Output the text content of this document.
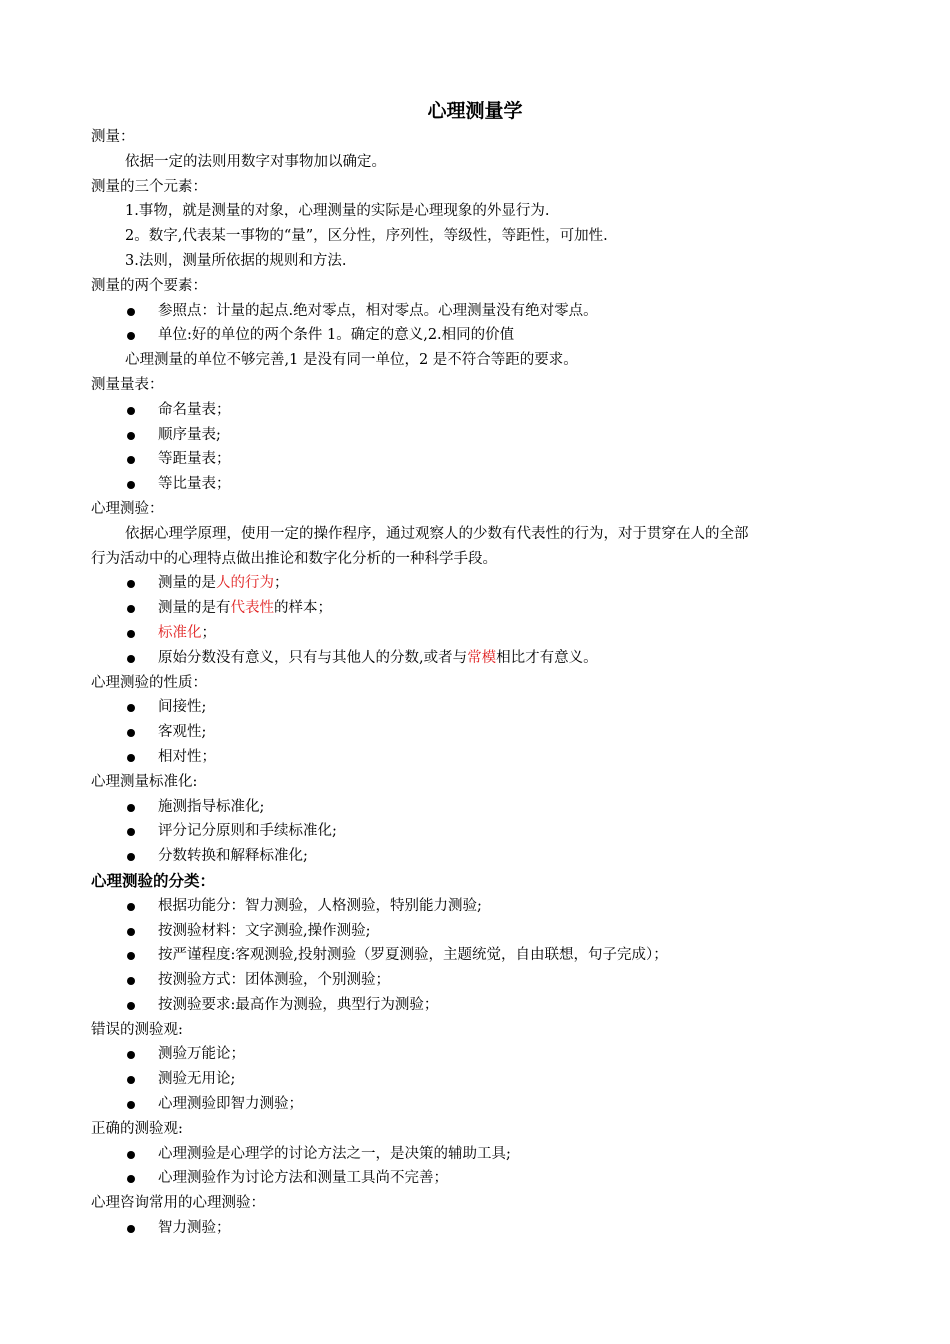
心理测量学
测量：
依据一定的法则用数字对事物加以确定。
测量的三个元素：
1.事物，就是测量的对象，心理测量的实际是心理现象的外显行为.
2。数字,代表某一事物的“量”，区分性，序列性，等级性，等距性，可加性.
3.法则，测量所依据的规则和方法.
测量的两个要素：
参照点：计量的起点.绝对零点，相对零点。心理测量没有绝对零点。
单位:好的单位的两个条件 1。确定的意义,2.相同的价值
心理测量的单位不够完善,1 是没有同一单位，2 是不符合等距的要求。
测量量表：
命名量表；
顺序量表;
等距量表；
等比量表；
心理测验：
依据心理学原理，使用一定的操作程序，通过观察人的少数有代表性的行为，对于贯穿在人的全部
行为活动中的心理特点做出推论和数字化分析的一种科学手段。
测量的是人的行为；
测量的是有代表性的样本；
标准化；
原始分数没有意义，只有与其他人的分数,或者与常模相比才有意义。
心理测验的性质：
间接性;
客观性;
相对性；
心理测量标准化:
施测指导标准化;
评分记分原则和手续标准化;
分数转换和解释标准化;
心理测验的分类：
根据功能分：智力测验，人格测验，特别能力测验;
按测验材料：文字测验,操作测验;
按严谨程度:客观测验,投射测验（罗夏测验，主题统觉，自由联想，句子完成）；
按测验方式：团体测验，个别测验；
按测验要求:最高作为测验，典型行为测验；
错误的测验观:
测验万能论；
测验无用论;
心理测验即智力测验；
正确的测验观:
心理测验是心理学的讨论方法之一，是决策的辅助工具;
心理测验作为讨论方法和测量工具尚不完善；
心理咨询常用的心理测验：
智力测验；
